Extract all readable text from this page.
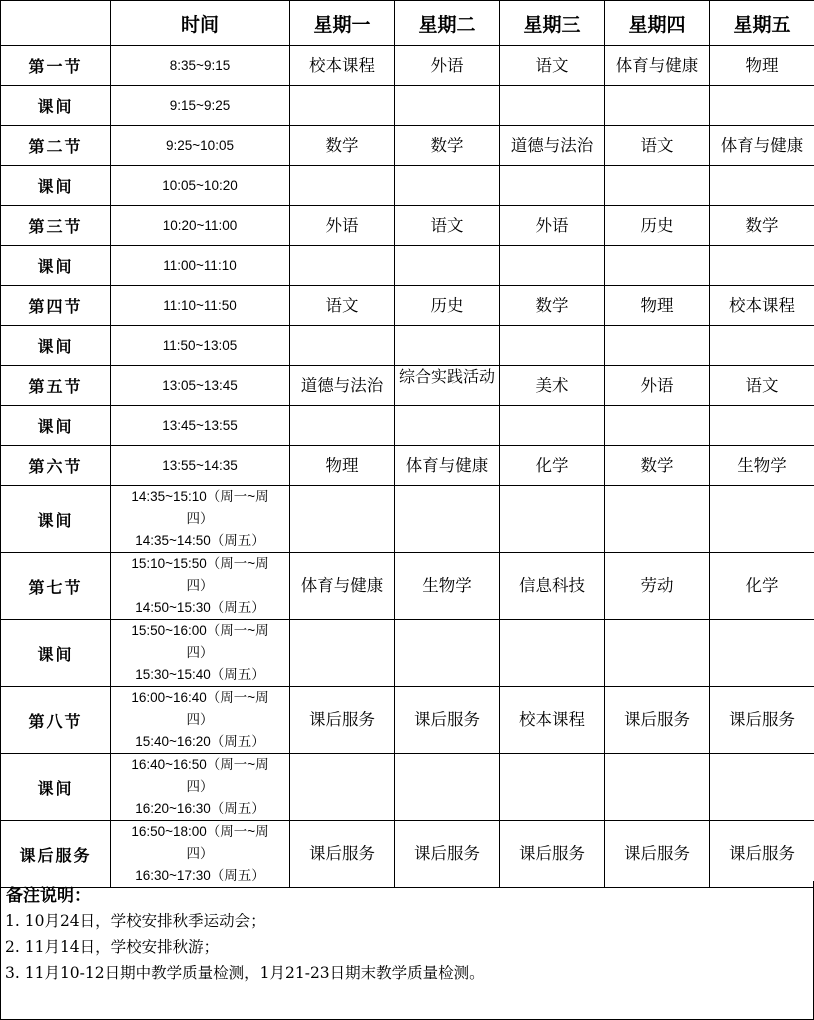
	时间	星期一	星期二	星期三	星期四	星期五
第一节	8:35~9:15	校本课程	外语	语文	体育与健康	物理
课间	9:15~9:25					

第二节	9:25~10:05	数学	数学	道德与法治	语文	体育与健康
课间	10:05~10:20					

第三节	10:20~11:00	外语	语文	外语	历史	数学
课间	11:00~11:10					

第四节	11:10~11:50	语文	历史	数学	物理	校本课程
课间	11:50~13:05					

第五节	13:05~13:45	道德与法治	综合实践活动	美术	外语	语文
课间	13:45~13:55					

第六节	13:55~14:35	物理	体育与健康	化学	数学	生物学
课间	14:35~15:10（周一~周
四）
14:35~14:50（周五）					

第七节	15:10~15:50（周一~周
四）
14:50~15:30（周五）	体育与健康	生物学	信息科技	劳动	化学
课间	15:50~16:00（周一~周
四）
15:30~15:40（周五）					

第八节	16:00~16:40（周一~周
四）
15:40~16:20（周五）	课后服务	课后服务	校本课程	课后服务	课后服务
课间	16:40~16:50（周一~周
四）
16:20~16:30（周五）					

课后服务	16:50~18:00（周一~周
四）
16:30~17:30（周五）	课后服务	课后服务	课后服务	课后服务	课后服务
备注说明：
1. 10月24日，学校安排秋季运动会；
2. 11月14日，学校安排秋游；
3. 11月10-12日期中教学质量检测，1月21-23日期末教学质量检测。
